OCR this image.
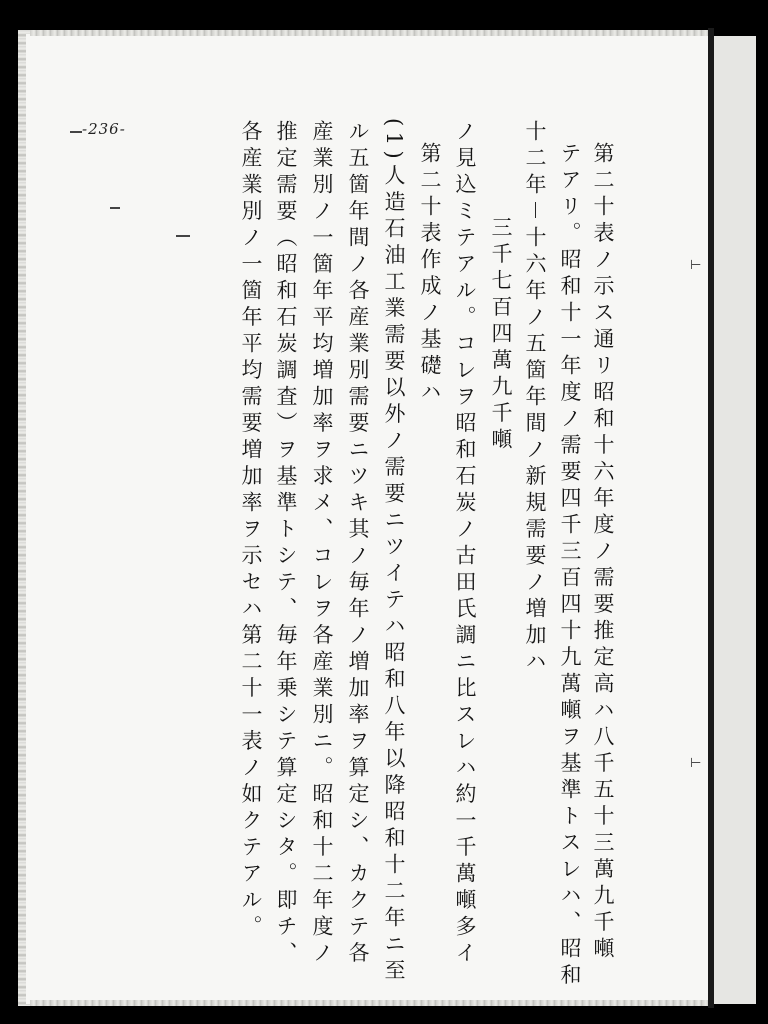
⊢
⊢
-236-
第二十表ノ示ス通リ昭和十六年度ノ需要推定高ハ八千五十三萬九千噸
テアリ。昭和十一年度ノ需要四千三百四十九萬噸ヲ基準トスレハ、昭和
十二年－十六年ノ五箇年間ノ新規需要ノ増加ハ
三千七百四萬九千噸
ノ見込ミテアル。コレヲ昭和石炭ノ古田氏調ニ比スレハ約一千萬噸多イ
第二十表作成ノ基礎ハ
(1)人造石油工業需要以外ノ需要ニツイテハ昭和八年以降昭和十二年ニ至
ル五箇年間ノ各産業別需要ニツキ其ノ毎年ノ増加率ヲ算定シ、カクテ各
産業別ノ一箇年平均増加率ヲ求メ、コレヲ各産業別ニ。昭和十二年度ノ
推定需要（昭和石炭調査）ヲ基準トシテ、毎年乗シテ算定シタ。即チ、
各産業別ノ一箇年平均需要増加率ヲ示セハ第二十一表ノ如クテアル。
